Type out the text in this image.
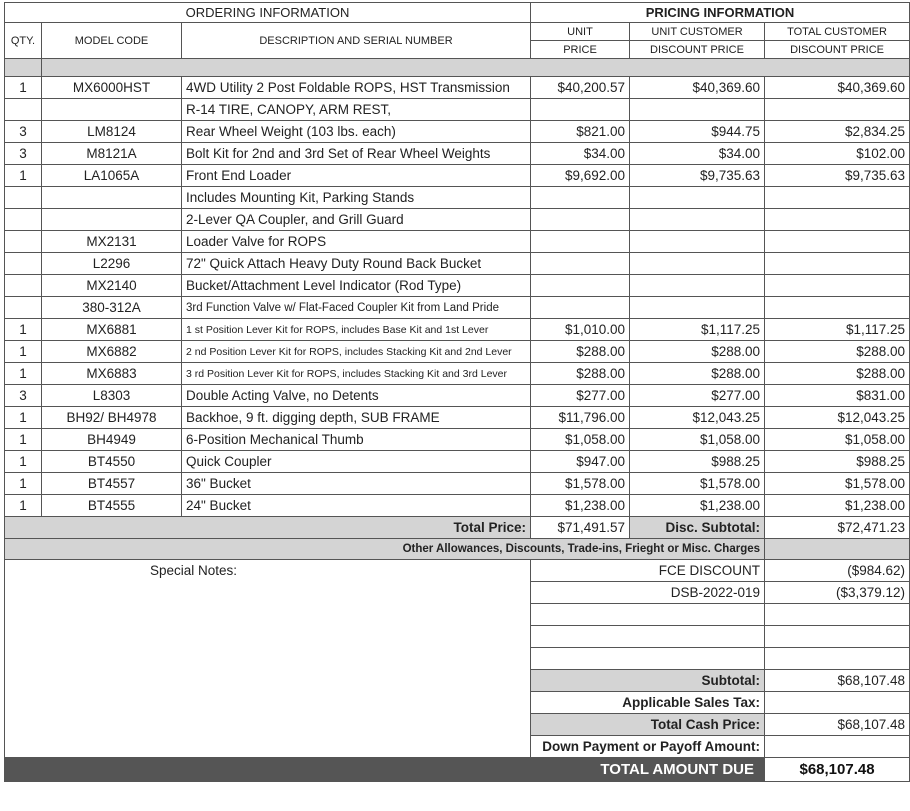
ORDERING INFORMATION			PRICING INFORMATION		
QTY.	MODEL CODE	DESCRIPTION AND SERIAL NUMBER	UNIT	UNIT CUSTOMER	TOTAL CUSTOMER
			PRICE	DISCOUNT PRICE	DISCOUNT PRICE

1	MX6000HST	4WD Utility 2 Post Foldable ROPS, HST Transmission	$40,200.57	$40,369.60	$40,369.60
		R-14 TIRE, CANOPY, ARM REST,			
3	LM8124	Rear Wheel Weight (103 lbs. each)	$821.00	$944.75	$2,834.25
3	M8121A	Bolt Kit for 2nd and 3rd Set of Rear Wheel Weights	$34.00	$34.00	$102.00
1	LA1065A	Front End Loader	$9,692.00	$9,735.63	$9,735.63
		Includes Mounting Kit, Parking Stands			
		2-Lever QA Coupler, and Grill Guard			
	MX2131	Loader Valve for ROPS			
	L2296	72" Quick Attach Heavy Duty Round Back Bucket			
	MX2140	Bucket/Attachment Level Indicator (Rod Type)			
	380-312A	3rd Function Valve w/ Flat-Faced Coupler Kit from Land Pride			
1	MX6881	1 st Position Lever Kit for ROPS, includes Base Kit and 1st Lever	$1,010.00	$1,117.25	$1,117.25
1	MX6882	2 nd Position Lever Kit for ROPS, includes Stacking Kit and 2nd Lever	$288.00	$288.00	$288.00
1	MX6883	3 rd Position Lever Kit for ROPS, includes Stacking Kit and 3rd Lever	$288.00	$288.00	$288.00
3	L8303	Double Acting Valve, no Detents	$277.00	$277.00	$831.00
1	BH92/ BH4978	Backhoe, 9 ft. digging depth, SUB FRAME	$11,796.00	$12,043.25	$12,043.25
1	BH4949	6-Position Mechanical Thumb	$1,058.00	$1,058.00	$1,058.00
1	BT4550	Quick Coupler	$947.00	$988.25	$988.25
1	BT4557	36" Bucket	$1,578.00	$1,578.00	$1,578.00
1	BT4555	24" Bucket	$1,238.00	$1,238.00	$1,238.00
Total Price:			$71,491.57	Disc. Subtotal:	$72,471.23
Other Allowances, Discounts, Trade-ins, Frieght or Misc. Charges					

Special Notes:			FCE DISCOUNT		($984.62)
			DSB-2022-019		($3,379.12)

			Subtotal:		$68,107.48
			Applicable Sales Tax:		
			Total Cash Price:		$68,107.48
			Down Payment or Payoff Amount:		
TOTAL AMOUNT DUE					$68,107.48
